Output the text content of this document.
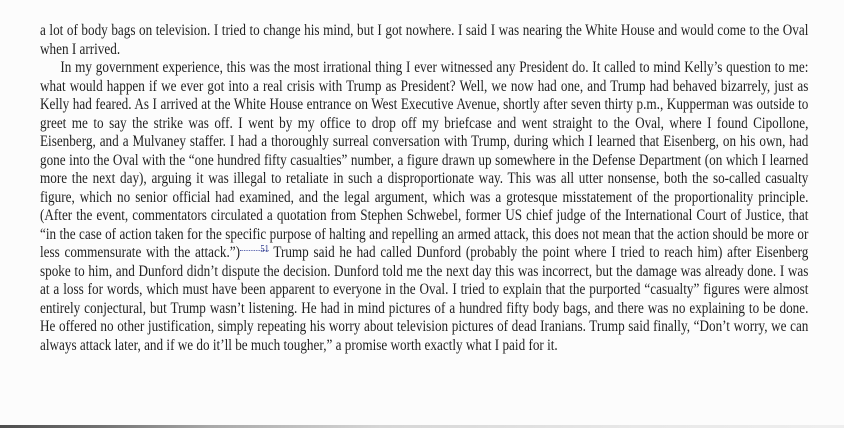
a lot of body bags on television. I tried to change his mind, but I got nowhere. I said I was nearing the White House and would come to the Oval when I arrived.

In my government experience, this was the most irrational thing I ever witnessed any President do. It called to mind Kelly’s question to me: what would happen if we ever got into a real crisis with Trump as President? Well, we now had one, and Trump had behaved bizarrely, just as Kelly had feared. As I arrived at the White House entrance on West Executive Avenue, shortly after seven thirty p.m., Kupperman was outside to greet me to say the strike was off. I went by my office to drop off my briefcase and went straight to the Oval, where I found Cipollone, Eisenberg, and a Mulvaney staffer. I had a thoroughly surreal conversation with Trump, during which I learned that Eisenberg, on his own, had gone into the Oval with the “one hundred fifty casualties” number, a figure drawn up somewhere in the Defense Department (on which I learned more the next day), arguing it was illegal to retaliate in such a disproportionate way. This was all utter nonsense, both the so-called casualty figure, which no senior official had examined, and the legal argument, which was a grotesque misstatement of the proportionality principle. (After the event, commentators circulated a quotation from Stephen Schwebel, former US chief judge of the International Court of Justice, that “in the case of action taken for the specific purpose of halting and repelling an armed attack, this does not mean that the action should be more or less commensurate with the attack.”) $^{51}$ Trump said he had called Dunford (probably the point where I tried to reach him) after Eisenberg spoke to him, and Dunford didn’t dispute the decision. Dunford told me the next day this was incorrect, but the damage was already done. I was at a loss for words, which must have been apparent to everyone in the Oval. I tried to explain that the purported “casualty” figures were almost entirely conjectural, but Trump wasn’t listening. He had in mind pictures of a hundred fifty body bags, and there was no explaining to be done. He offered no other justification, simply repeating his worry about television pictures of dead Iranians. Trump said finally, “Don’t worry, we can always attack later, and if we do it’ll be much tougher,” a promise worth exactly what I paid for it.
